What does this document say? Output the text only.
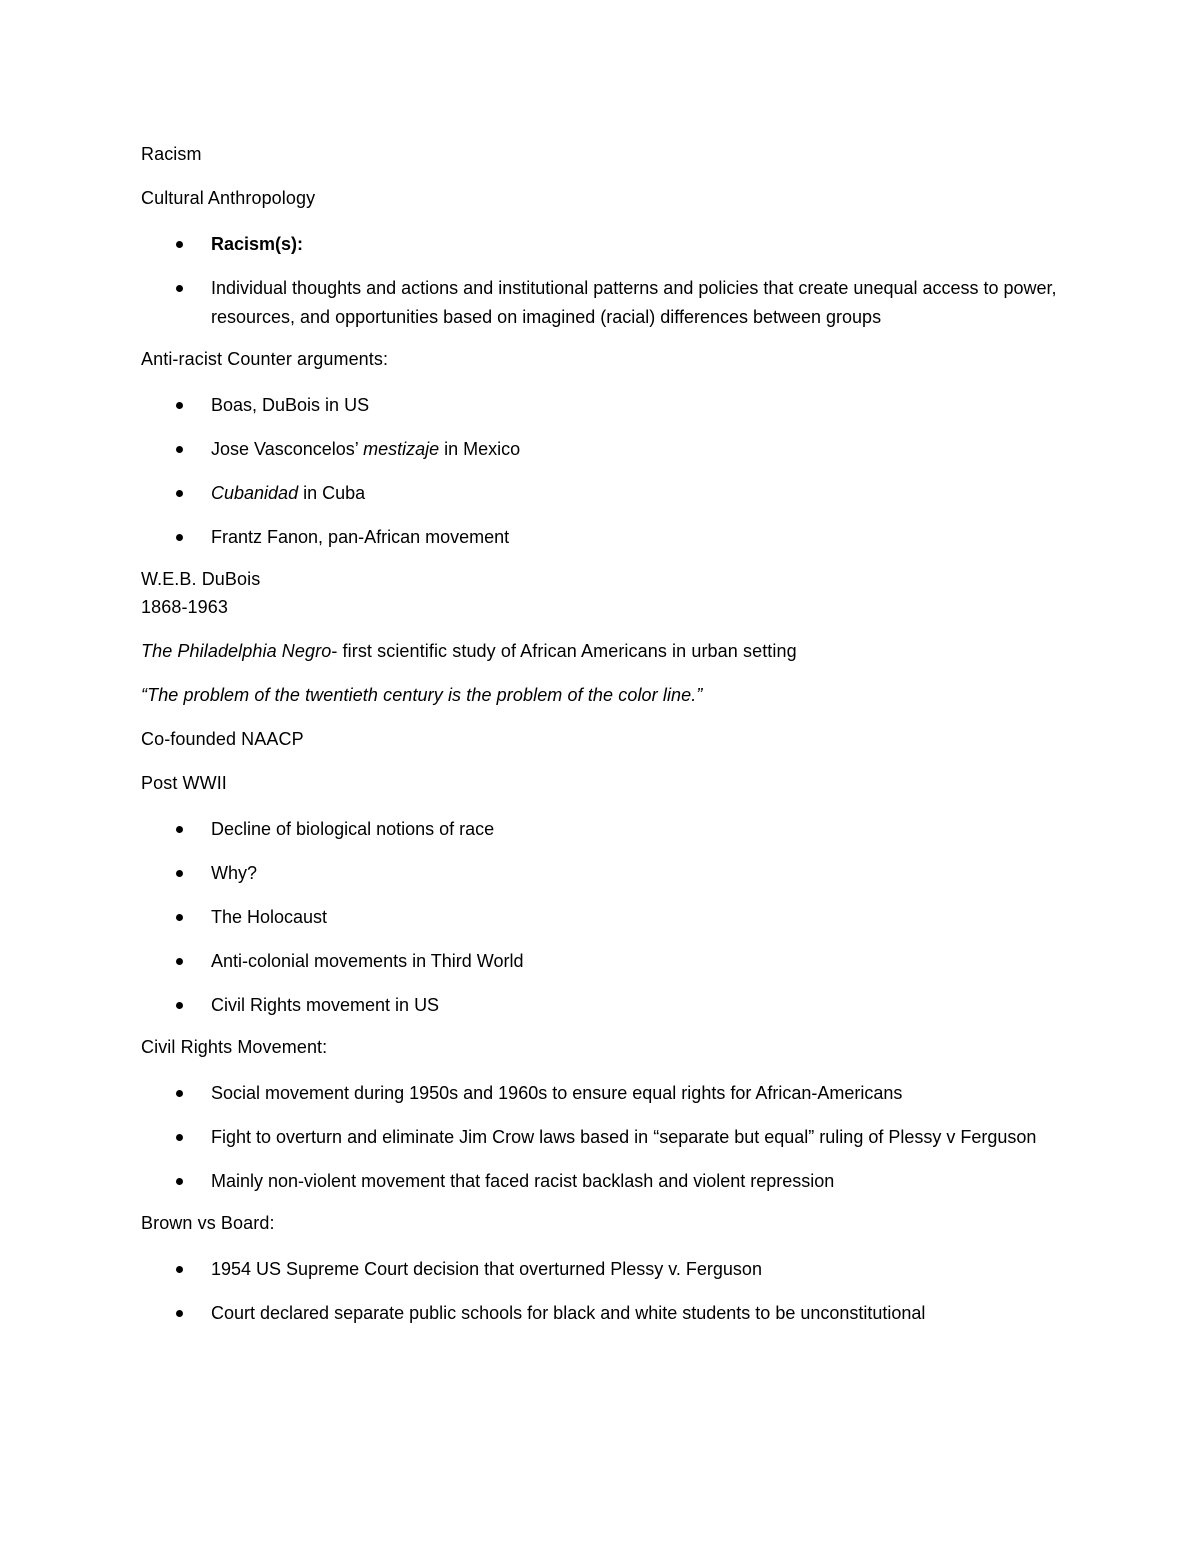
Racism

Cultural Anthropology

Racism(s):
Individual thoughts and actions and institutional patterns and policies that create unequal access to power, resources, and opportunities based on imagined (racial) differences between groups

Anti-racist Counter arguments:

Boas, DuBois in US
Jose Vasconcelos’ mestizaje in Mexico
Cubanidad in Cuba
Frantz Fanon, pan-African movement

W.E.B. DuBois

1868-1963

The Philadelphia Negro- first scientific study of African Americans in urban setting

“The problem of the twentieth century is the problem of the color line.”

Co-founded NAACP

Post WWII

Decline of biological notions of race
Why?
The Holocaust
Anti-colonial movements in Third World
Civil Rights movement in US

Civil Rights Movement:

Social movement during 1950s and 1960s to ensure equal rights for African-Americans
Fight to overturn and eliminate Jim Crow laws based in “separate but equal” ruling of Plessy v Ferguson
Mainly non-violent movement that faced racist backlash and violent repression

Brown vs Board:

1954 US Supreme Court decision that overturned Plessy v. Ferguson
Court declared separate public schools for black and white students to be unconstitutional
